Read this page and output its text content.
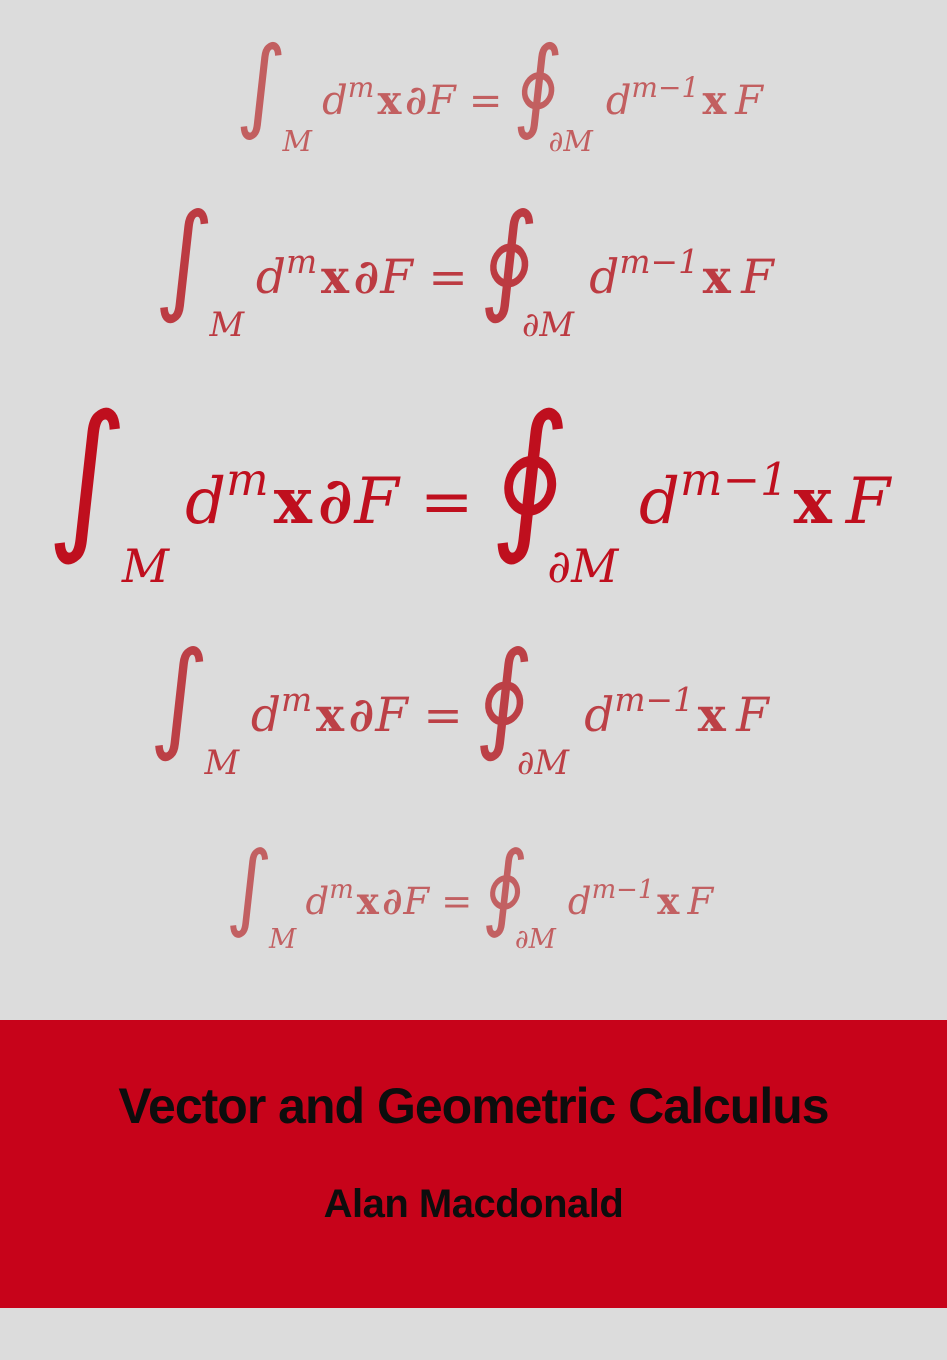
∫
M
d m x ∂ F = ∮
∂M
d m−1 x F
∫
M
d m x ∂ F = ∮
∂M
d m−1 x F
∫
M
d m x ∂ F = ∮
∂M
d m−1 x F
∫
M
d m x ∂ F = ∮
∂M
d m−1 x F
∫
M
d m x ∂ F = ∮
∂M
d m−1 x F
Vector and Geometric Calculus
Alan Macdonald
